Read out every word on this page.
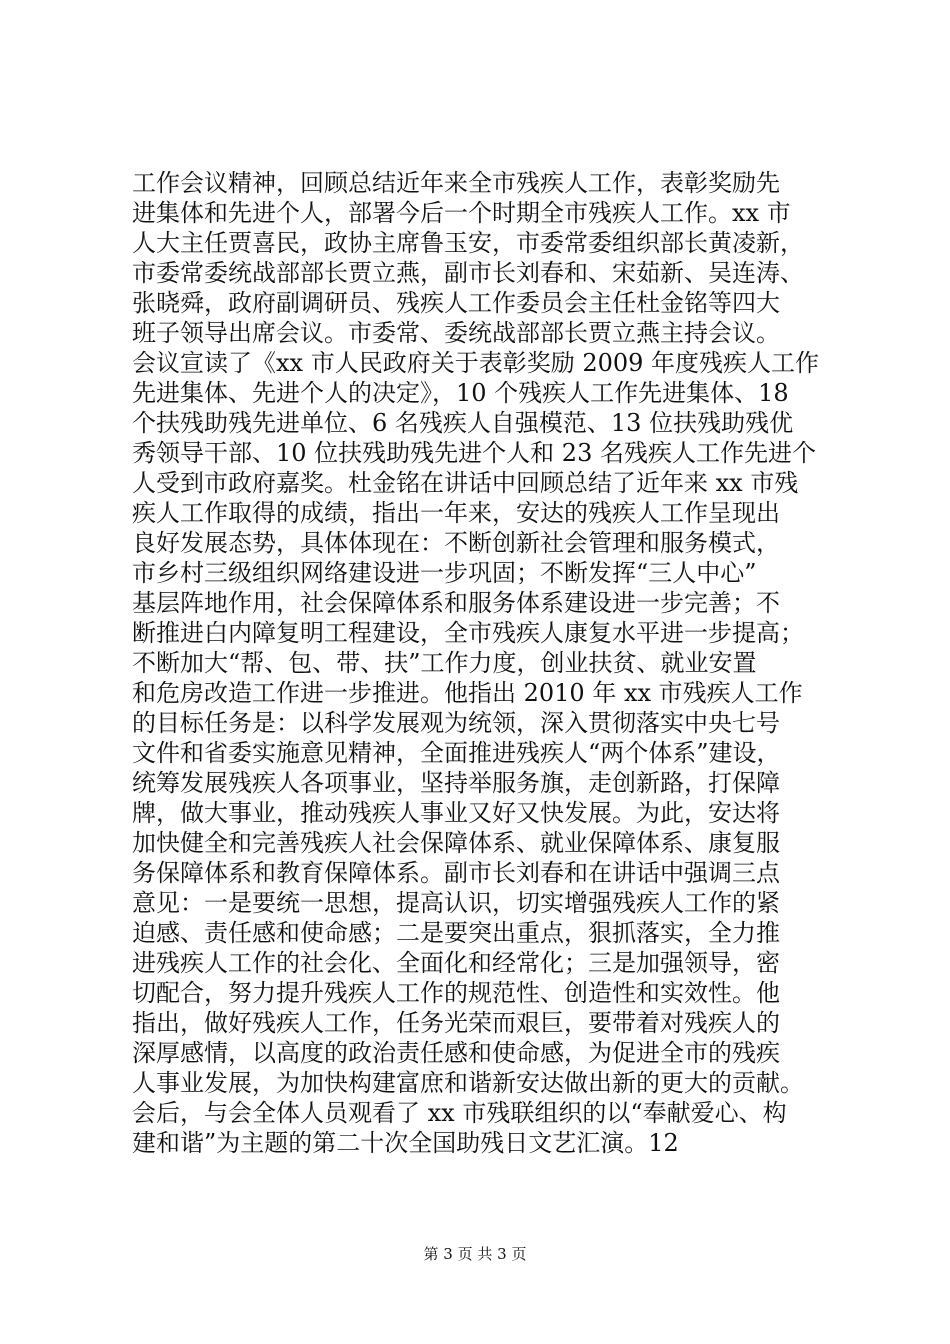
工作会议精神，回顾总结近年来全市残疾人工作，表彰奖励先
进集体和先进个人，部署今后一个时期全市残疾人工作。xx 市
人大主任贾喜民，政协主席鲁玉安，市委常委组织部长黄凌新，
市委常委统战部部长贾立燕，副市长刘春和、宋茹新、吴连涛、
张晓舜，政府副调研员、残疾人工作委员会主任杜金铭等四大
班子领导出席会议。市委常、委统战部部长贾立燕主持会议。
会议宣读了《xx 市人民政府关于表彰奖励 2009 年度残疾人工作
先进集体、先进个人的决定》，10 个残疾人工作先进集体、18
个扶残助残先进单位、6 名残疾人自强模范、13 位扶残助残优
秀领导干部、10 位扶残助残先进个人和 23 名残疾人工作先进个
人受到市政府嘉奖。杜金铭在讲话中回顾总结了近年来 xx 市残
疾人工作取得的成绩，指出一年来，安达的残疾人工作呈现出
良好发展态势，具体体现在：不断创新社会管理和服务模式，
市乡村三级组织网络建设进一步巩固；不断发挥“三人中心”
基层阵地作用，社会保障体系和服务体系建设进一步完善；不
断推进白内障复明工程建设，全市残疾人康复水平进一步提高；
不断加大“帮、包、带、扶”工作力度，创业扶贫、就业安置
和危房改造工作进一步推进。他指出 2010 年 xx 市残疾人工作
的目标任务是：以科学发展观为统领，深入贯彻落实中央七号
文件和省委实施意见精神，全面推进残疾人“两个体系”建设，
统筹发展残疾人各项事业，坚持举服务旗，走创新路，打保障
牌，做大事业，推动残疾人事业又好又快发展。为此，安达将
加快健全和完善残疾人社会保障体系、就业保障体系、康复服
务保障体系和教育保障体系。副市长刘春和在讲话中强调三点
意见：一是要统一思想，提高认识，切实增强残疾人工作的紧
迫感、责任感和使命感；二是要突出重点，狠抓落实，全力推
进残疾人工作的社会化、全面化和经常化；三是加强领导，密
切配合，努力提升残疾人工作的规范性、创造性和实效性。他
指出，做好残疾人工作，任务光荣而艰巨，要带着对残疾人的
深厚感情，以高度的政治责任感和使命感，为促进全市的残疾
人事业发展，为加快构建富庶和谐新安达做出新的更大的贡献。
会后，与会全体人员观看了 xx 市残联组织的以“奉献爱心、构
建和谐”为主题的第二十次全国助残日文艺汇演。12
第 3 页 共 3 页
